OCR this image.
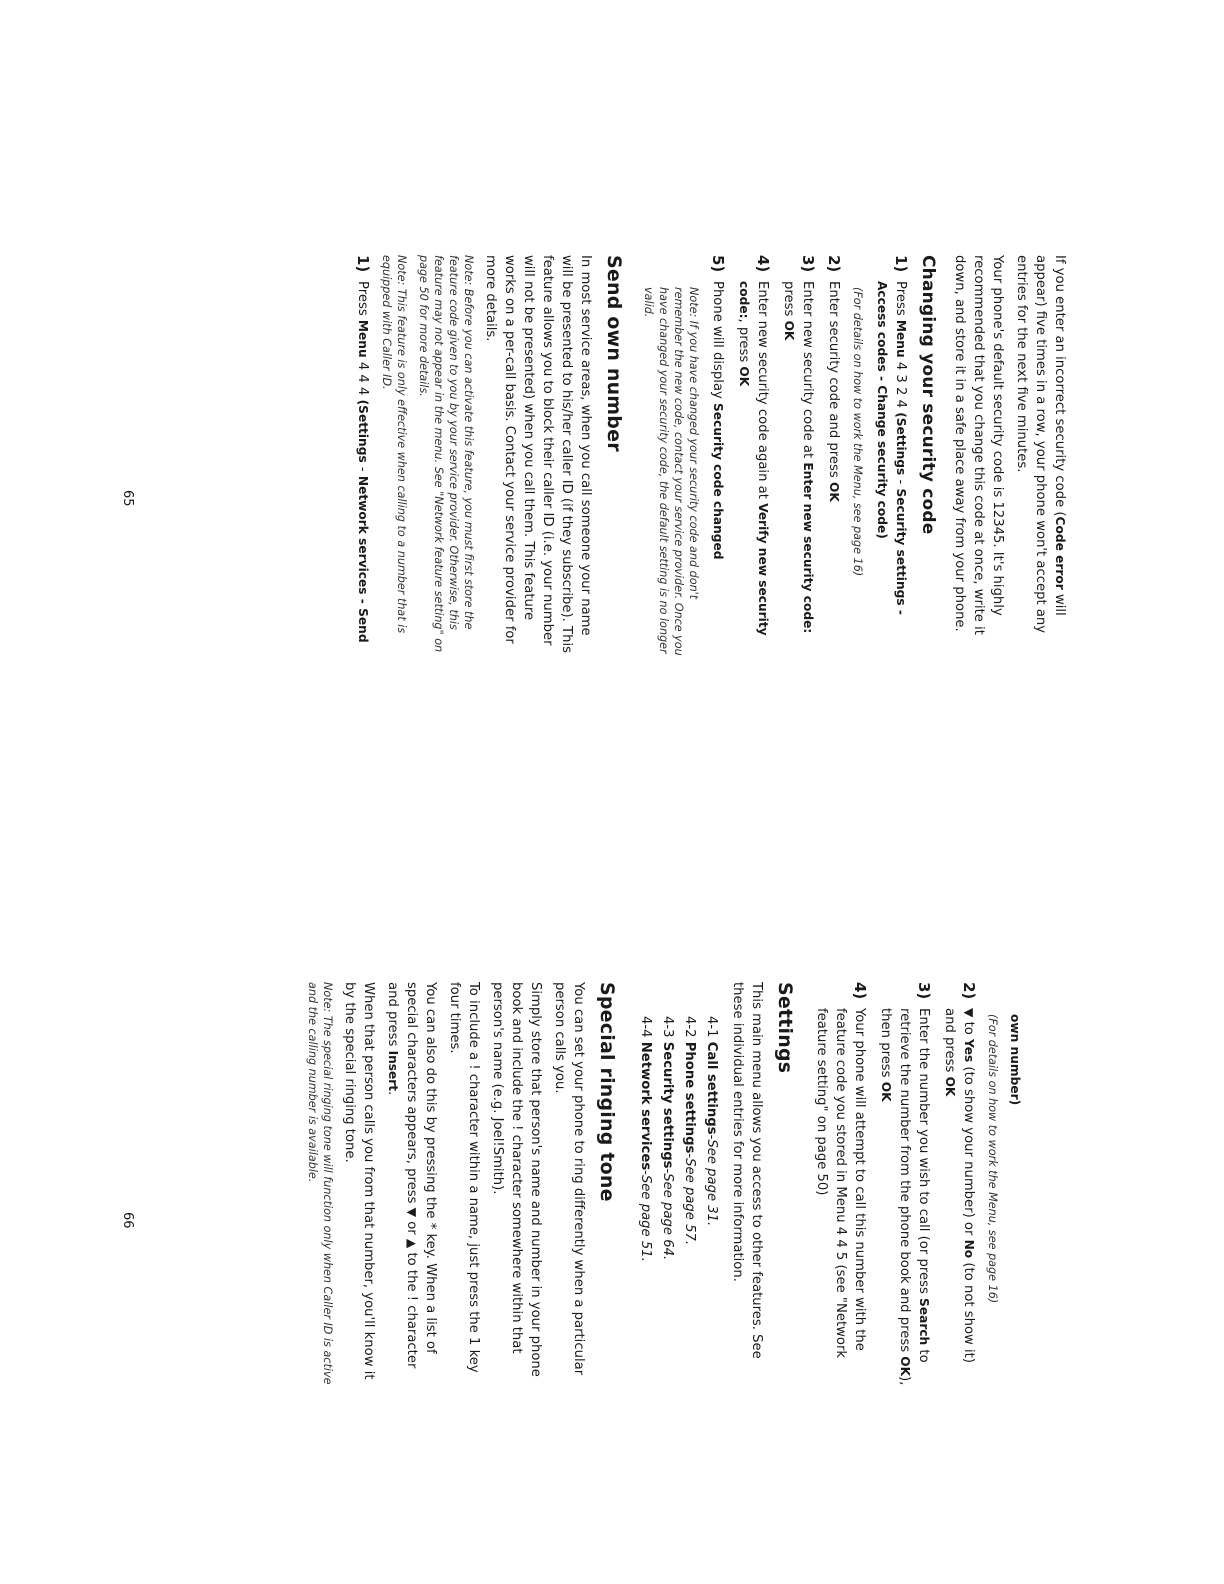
If you enter an incorrect security code (Code error will appear) five times in a row, your phone won't accept any entries for the next five minutes.

Your phone's default security code is 12345. It's highly recommended that you change this code at once, write it down, and store it in a safe place away from your phone.

Changing your security code
1)
Press Menu 4 3 2 4 (Settings - Security settings - Access codes - Change security code)
(For details on how to work the Menu, see page 16)
2)
Enter security code and press OK
3)
Enter new security code at Enter new security code: press OK
4)
Enter new security code again at Verify new security code:, press OK
5)
Phone will display Security code changed
Note: If you have changed your security code and don't remember the new code, contact your service provider. Once you have changed your security code, the default setting is no longer valid.
Send own number

In most service areas, when you call someone your name will be presented to his/her caller ID (if they subscribe). This feature allows you to block their caller ID (i.e. your number will not be presented) when you call them. This feature works on a per-call basis. Contact your service provider for more details.

Note: Before you can activate this feature, you must first store the feature code given to you by your service provider. Otherwise, this feature may not appear in the menu. See "Network feature setting" on page 50 for more details.
Note: This feature is only effective when calling to a number that is equipped with Caller ID.
1)
Press Menu 4 4 4 (Settings - Network services - Send
65

own number)

(For details on how to work the Menu, see page 16)
2)
▼ to Yes (to show your number) or No (to not show it) and press OK
3)
Enter the number you wish to call (or press Search to retrieve the number from the phone book and press OK), then press OK
4)
Your phone will attempt to call this number with the feature code you stored in Menu 4 4 5 (see "Network feature setting" on page 50)
Settings

This main menu allows you access to other features. See these individual entries for more information.

4-1

Call settings
-
See page 31.
4-2

Phone settings
-
See page 57.
4-3

Security settings
-
See page 64.
4-4

Network services
-
See page 51.
Special ringing tone

You can set your phone to ring differently when a particular person calls you.

Simply store that person's name and number in your phone book and include the ! character somewhere within that person's name (e.g. Joel!Smith).

To include a ! character within a name, just press the 1 key four times.

You can also do this by pressing the * key. When a list of special characters appears, press ▼ or ▲ to the ! character and press Insert.

When that person calls you from that number, you'll know it by the special ringing tone.

Note: The special ringing tone will function only when Caller ID is active and the calling number is available.
66
